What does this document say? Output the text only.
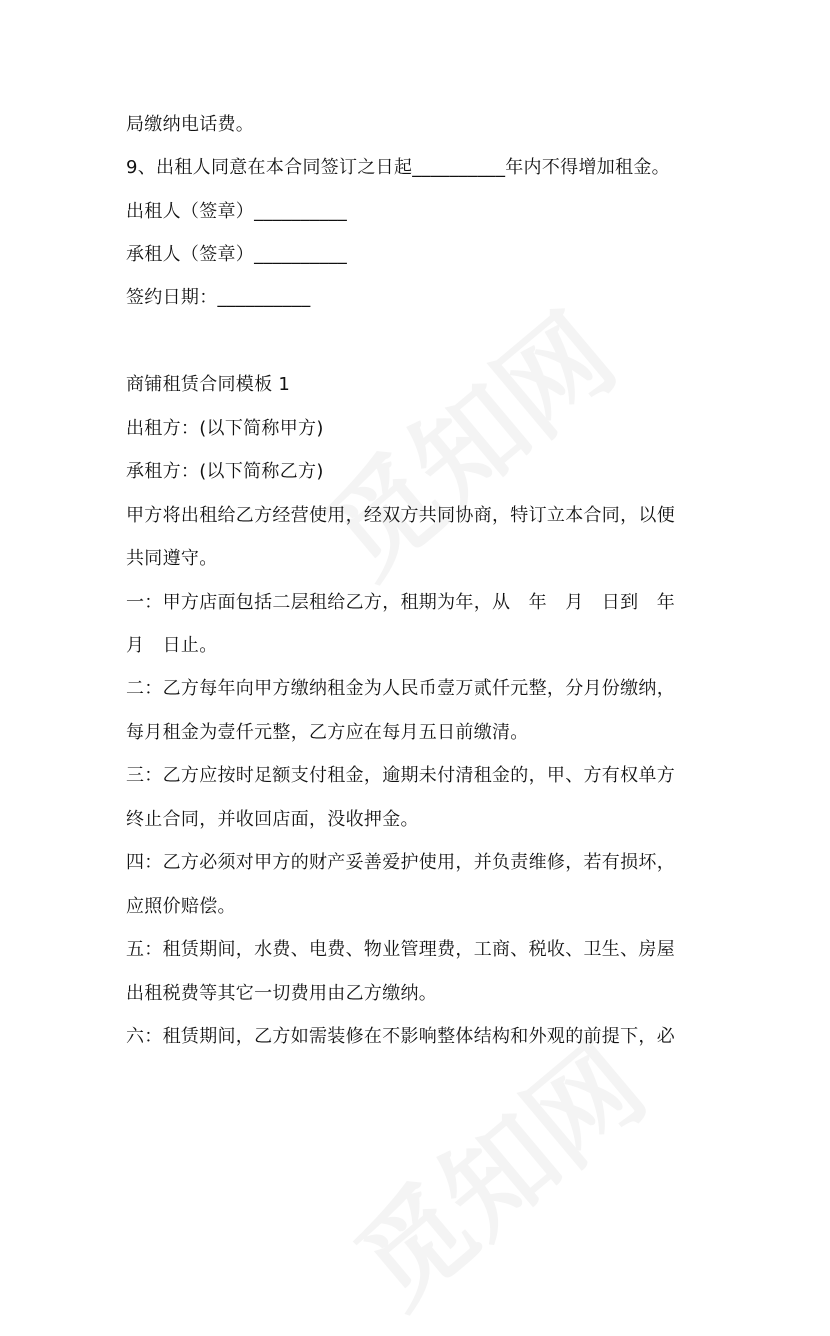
局缴纳电话费。
9、出租人同意在本合同签订之日起__________年内不得增加租金。
出租人（签章）__________
承租人（签章）__________
签约日期：__________
商铺租赁合同模板 1
出租方：(以下简称甲方)
承租方：(以下简称乙方)
甲方将出租给乙方经营使用，经双方共同协商，特订立本合同，以便
共同遵守。
一：甲方店面包括二层租给乙方，租期为年，从　年　月　日到　年
月　日止。
二：乙方每年向甲方缴纳租金为人民币壹万贰仟元整，分月份缴纳，
每月租金为壹仟元整，乙方应在每月五日前缴清。
三：乙方应按时足额支付租金，逾期未付清租金的，甲、方有权单方
终止合同，并收回店面，没收押金。
四：乙方必须对甲方的财产妥善爱护使用，并负责维修，若有损坏，
应照价赔偿。
五：租赁期间，水费、电费、物业管理费，工商、税收、卫生、房屋
出租税费等其它一切费用由乙方缴纳。
六：租赁期间，乙方如需装修在不影响整体结构和外观的前提下，必
